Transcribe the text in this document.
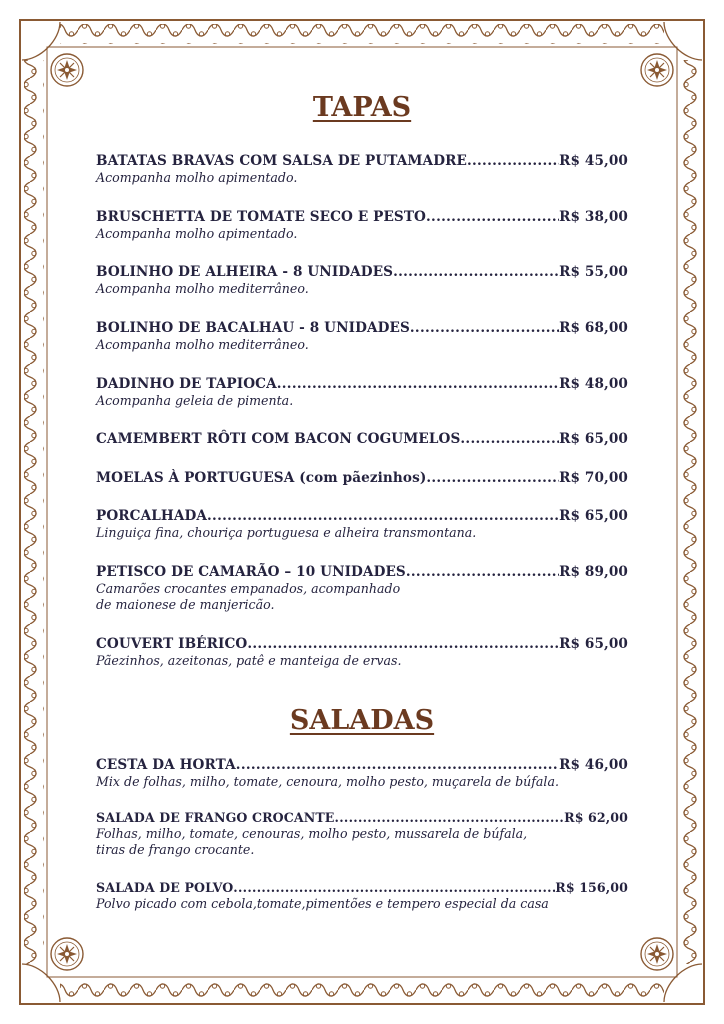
TAPAS
BATATAS BRAVAS COM SALSA DE PUTAMADRE .....	R$ 45,00
Acompanha molho apimentado.
BRUSCHETTA DE TOMATE SECO E PESTO .....	R$ 38,00
Acompanha molho apimentado.
BOLINHO DE ALHEIRA - 8 UNIDADES .....	R$ 55,00
Acompanha molho mediterrâneo.
BOLINHO DE BACALHAU - 8 UNIDADES .....	R$ 68,00
Acompanha molho mediterrâneo.
DADINHO DE TAPIOCA .....	R$ 48,00
Acompanha geleia de pimenta.
CAMEMBERT RÔTI COM BACON COGUMELOS .....	R$ 65,00
MOELAS À PORTUGUESA (com pãezinhos) .....	R$ 70,00
PORCALHADA .....	R$ 65,00
Linguiça fina, chouriça portuguesa e alheira transmontana.
PETISCO DE CAMARÃO – 10 UNIDADES .....	R$ 89,00
Camarões crocantes empanados, acompanhado
de maionese de manjericão.
COUVERT IBÉRICO .....	R$ 65,00
Pãezinhos, azeitonas, patê e manteiga de ervas.
SALADAS
CESTA DA HORTA .....	R$ 46,00
Mix de folhas, milho, tomate, cenoura, molho pesto, muçarela de búfala.
SALADA DE FRANGO CROCANTE .....	R$ 62,00
Folhas, milho, tomate, cenouras, molho pesto, mussarela de búfala,
tiras de frango crocante.
SALADA DE POLVO .....	R$ 156,00
Polvo picado com cebola,tomate,pimentões e tempero especial da casa
